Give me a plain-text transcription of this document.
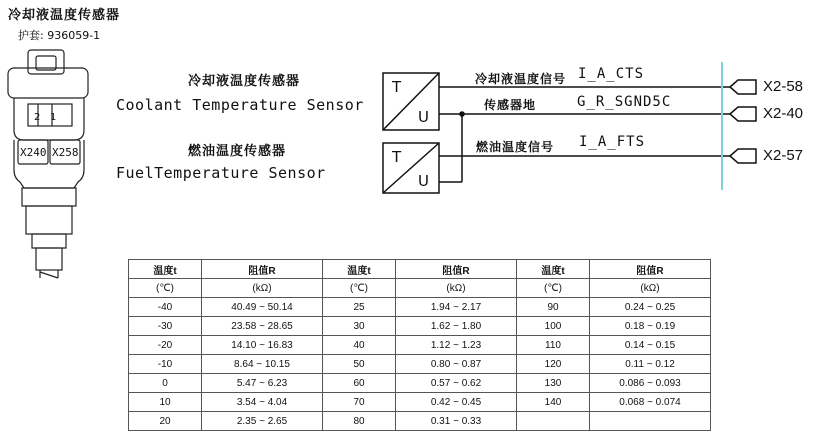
冷却液温度传感器
护套: 936059-1
2 1
X240 X258
冷却液温度传感器
Coolant Temperature Sensor
燃油温度传感器
FuelTemperature Sensor
T
U
T
U
冷却液温度信号 I_A_CTS
传感器地	G_R_SGND5C
燃油温度信号 I_A_FTS
X2-58
X2-40
X2-57
温度t	阻值R	温度t	阻值R	温度t	阻值R
(℃)	(kΩ)	(℃)	(kΩ)	(℃)	(kΩ)
-40	40.49 ~ 50.14	25	1.94 ~ 2.17	90	0.24 ~ 0.25
-30	23.58 ~ 28.65	30	1.62 ~ 1.80	100	0.18 ~ 0.19
-20	14.10 ~ 16.83	40	1.12 ~ 1.23	110	0.14 ~ 0.15
-10	8.64 ~ 10.15	50	0.80 ~ 0.87	120	0.11 ~ 0.12
0	5.47 ~ 6.23	60	0.57 ~ 0.62	130	0.086 ~ 0.093
10	3.54 ~ 4.04	70	0.42 ~ 0.45	140	0.068 ~ 0.074
20	2.35 ~ 2.65	80	0.31 ~ 0.33		
